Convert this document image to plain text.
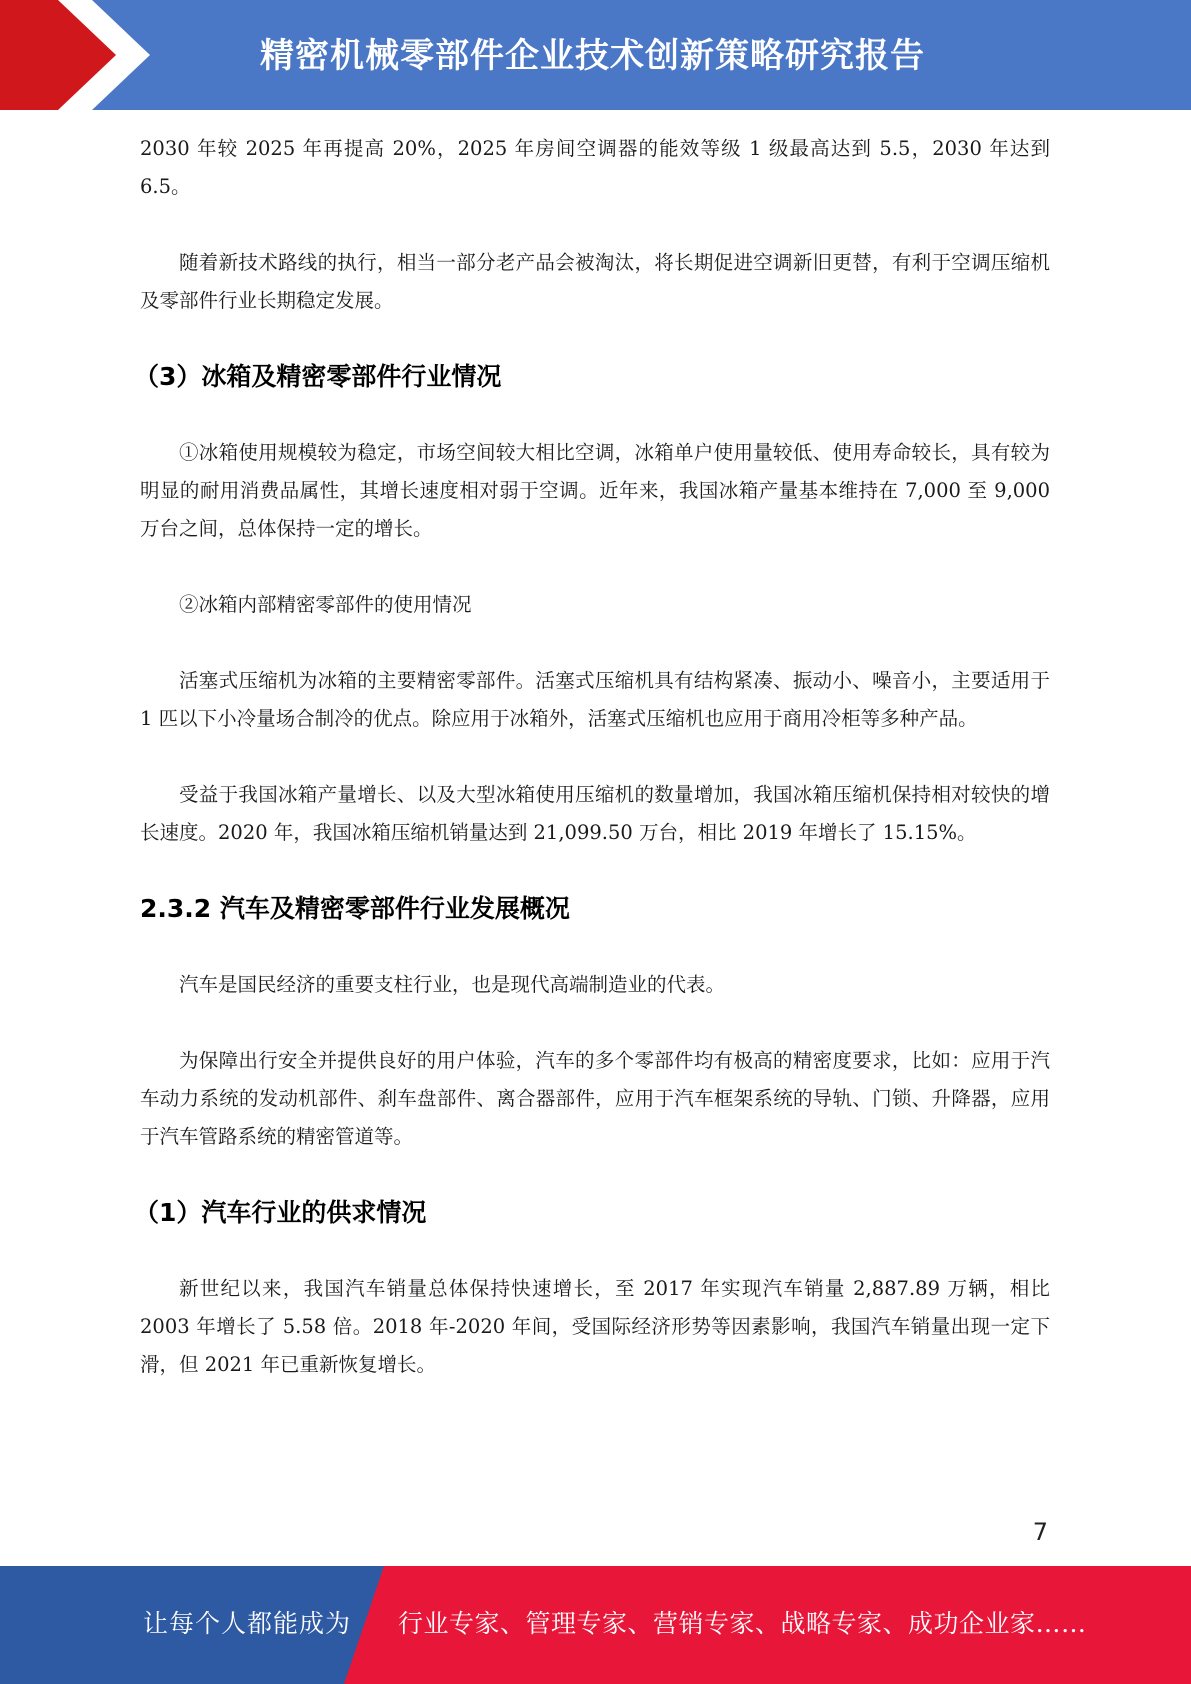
精密机械零部件企业技术创新策略研究报告

2030 年较 2025 年再提高 20%，2025 年房间空调器的能效等级 1 级最高达到 5.5，2030 年达到 6.5。

随着新技术路线的执行，相当一部分老产品会被淘汰，将长期促进空调新旧更替，有利于空调压缩机及零部件行业长期稳定发展。

（3）冰箱及精密零部件行业情况

①冰箱使用规模较为稳定，市场空间较大相比空调，冰箱单户使用量较低、使用寿命较长，具有较为明显的耐用消费品属性，其增长速度相对弱于空调。近年来，我国冰箱产量基本维持在 7,000 至 9,000 万台之间，总体保持一定的增长。

②冰箱内部精密零部件的使用情况

活塞式压缩机为冰箱的主要精密零部件。活塞式压缩机具有结构紧凑、振动小、噪音小，主要适用于 1 匹以下小冷量场合制冷的优点。除应用于冰箱外，活塞式压缩机也应用于商用冷柜等多种产品。

受益于我国冰箱产量增长、以及大型冰箱使用压缩机的数量增加，我国冰箱压缩机保持相对较快的增长速度。2020 年，我国冰箱压缩机销量达到 21,099.50 万台，相比 2019 年增长了 15.15%。

2.3.2 汽车及精密零部件行业发展概况

汽车是国民经济的重要支柱行业，也是现代高端制造业的代表。

为保障出行安全并提供良好的用户体验，汽车的多个零部件均有极高的精密度要求，比如：应用于汽车动力系统的发动机部件、刹车盘部件、离合器部件，应用于汽车框架系统的导轨、门锁、升降器，应用于汽车管路系统的精密管道等。

（1）汽车行业的供求情况

新世纪以来，我国汽车销量总体保持快速增长，至 2017 年实现汽车销量 2,887.89 万辆，相比 2003 年增长了 5.58 倍。2018 年-2020 年间，受国际经济形势等因素影响，我国汽车销量出现一定下滑，但 2021 年已重新恢复增长。

7
让每个人都能成为 行业专家、管理专家、营销专家、战略专家、成功企业家……
